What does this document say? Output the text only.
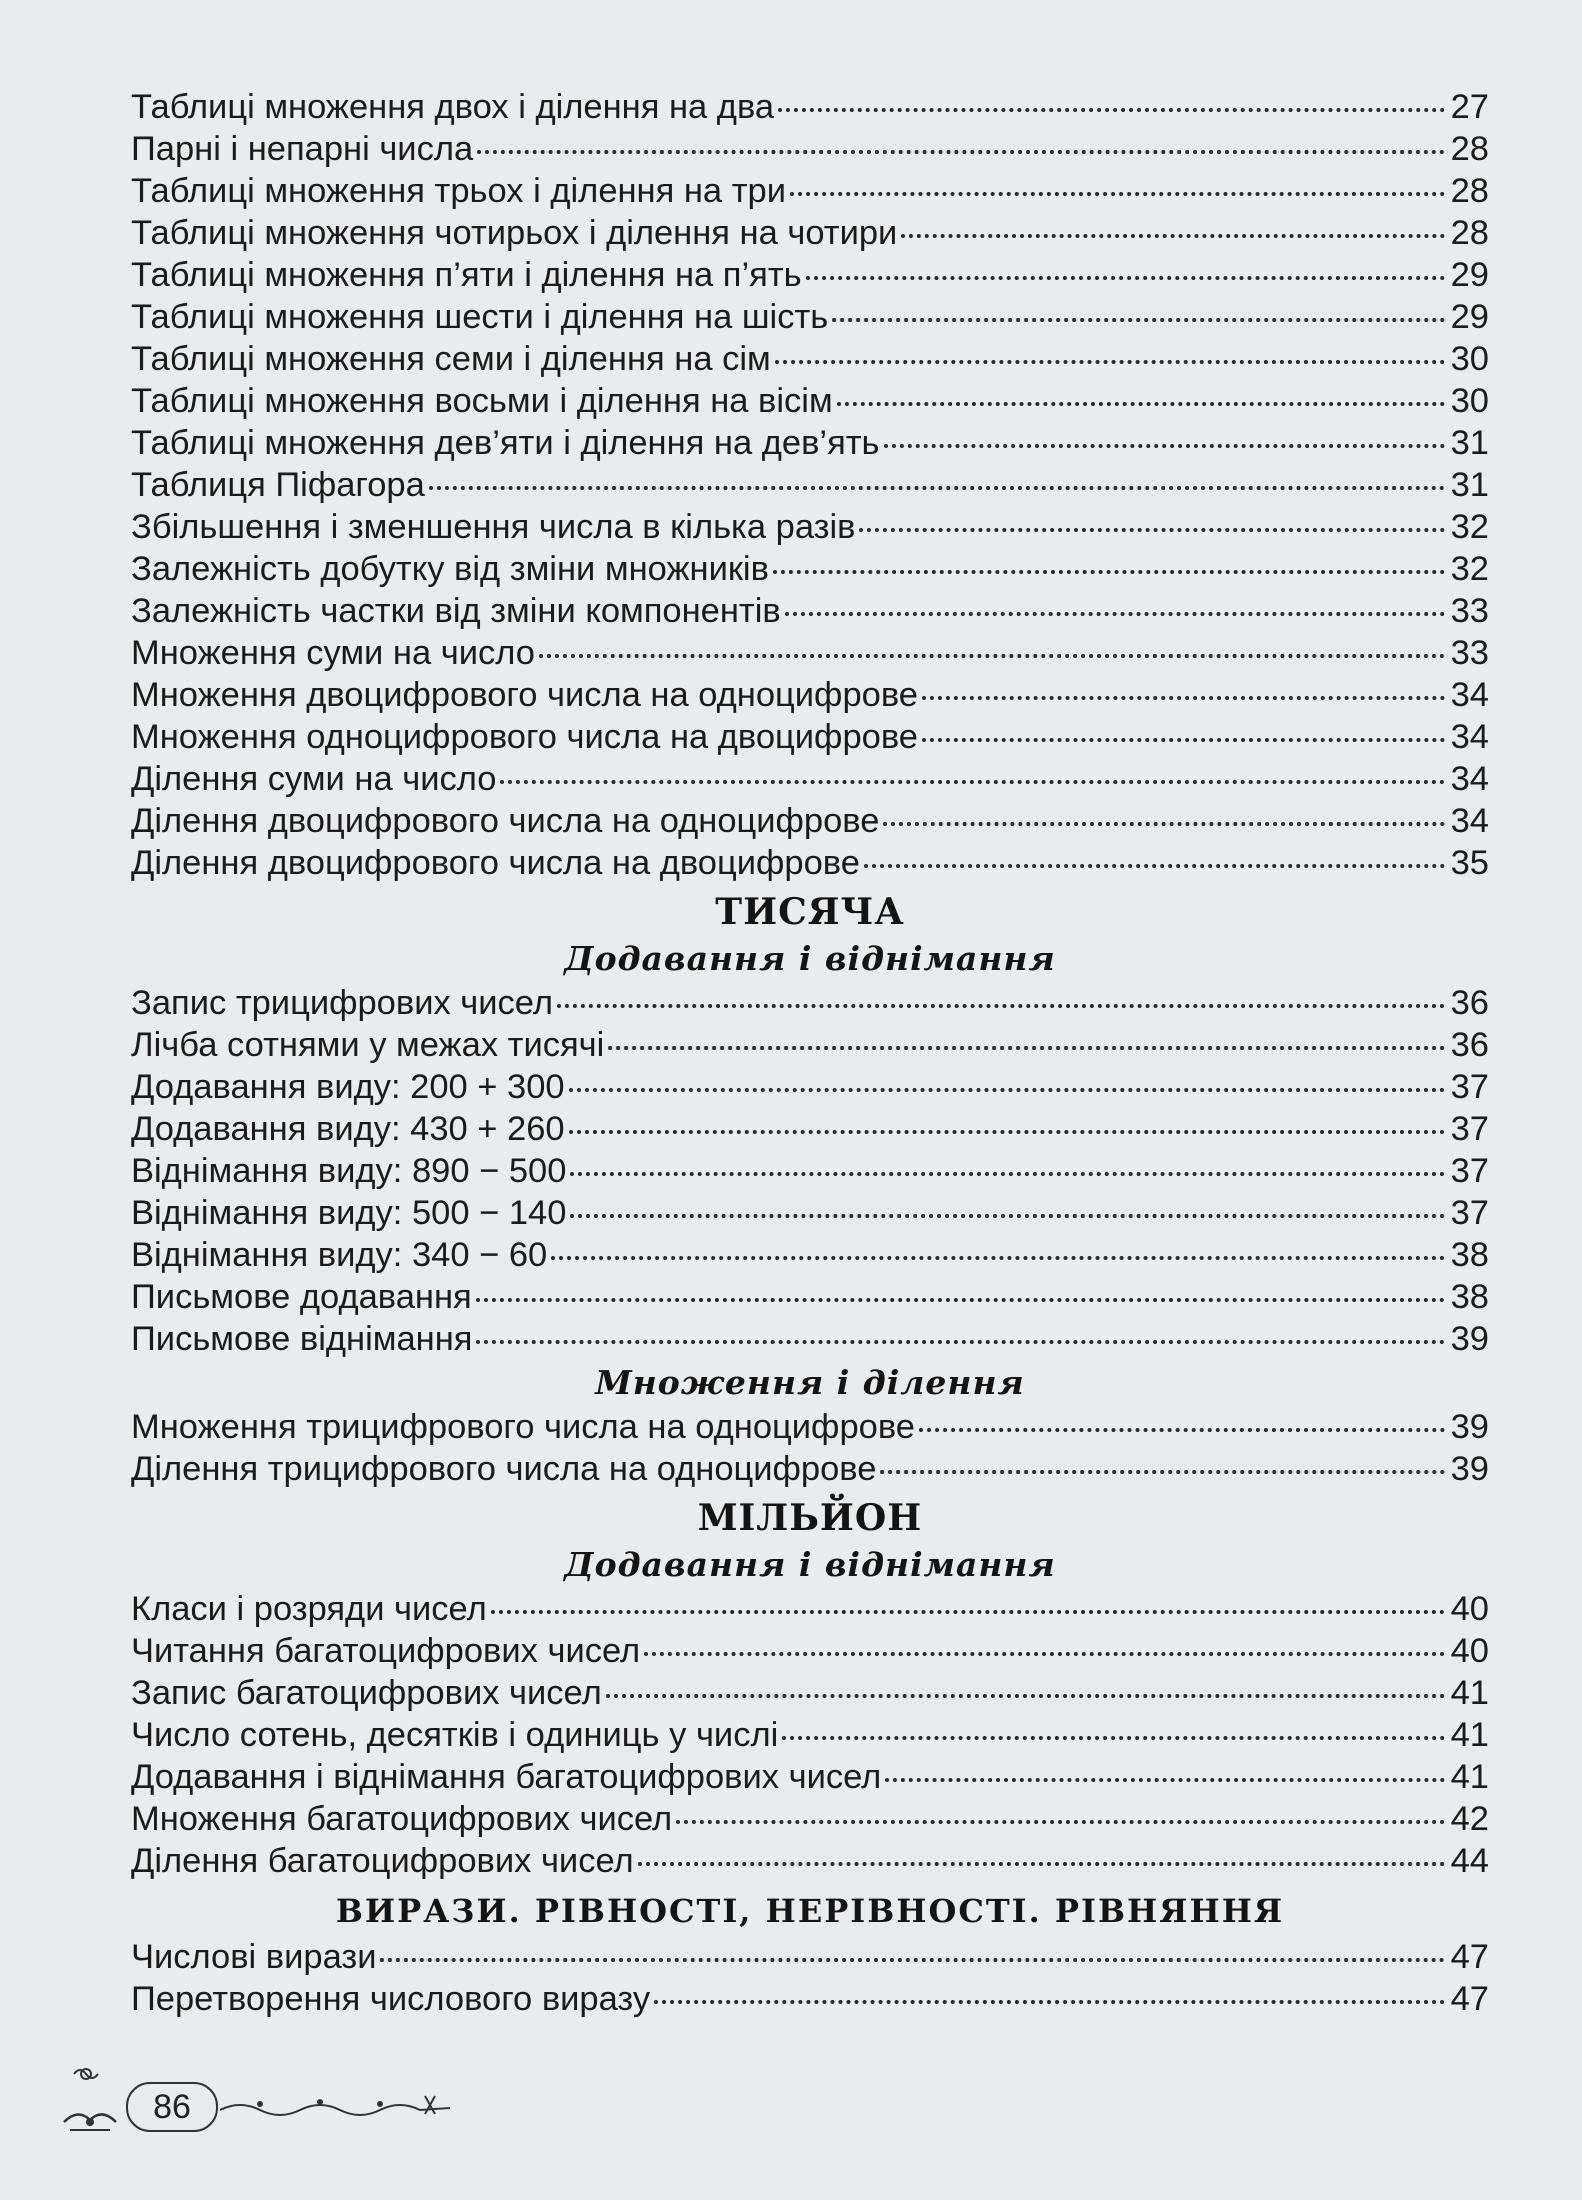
Таблиці множення двох і ділення на два	27
Парні і непарні числа	28
Таблиці множення трьох і ділення на три	28
Таблиці множення чотирьох і ділення на чотири	28
Таблиці множення п’яти і ділення на п’ять	29
Таблиці множення шести і ділення на шість	29
Таблиці множення семи і ділення на сім	30
Таблиці множення восьми і ділення на вісім	30
Таблиці множення дев’яти і ділення на дев’ять	31
Таблиця Піфагора	31
Збільшення і зменшення числа в кілька разів	32
Залежність добутку від зміни множників	32
Залежність частки від зміни компонентів	33
Множення суми на число	33
Множення двоцифрового числа на одноцифрове	34
Множення одноцифрового числа на двоцифрове	34
Ділення суми на число	34
Ділення двоцифрового числа на одноцифрове	34
Ділення двоцифрового числа на двоцифрове	35
ТИСЯЧА
Додавання і віднімання
Запис трицифрових чисел	36
Лічба сотнями у межах тисячі	36
Додавання виду: 200 + 300	37
Додавання виду: 430 + 260	37
Віднімання виду: 890 − 500	37
Віднімання виду: 500 − 140	37
Віднімання виду: 340 − 60	38
Письмове додавання	38
Письмове віднімання	39
Множення і ділення
Множення трицифрового числа на одноцифрове	39
Ділення трицифрового числа на одноцифрове	39
МІЛЬЙОН
Додавання і віднімання
Класи і розряди чисел	40
Читання багатоцифрових чисел	40
Запис багатоцифрових чисел	41
Число сотень, десятків і одиниць у числі	41
Додавання і віднімання багатоцифрових чисел	41
Множення багатоцифрових чисел	42
Ділення багатоцифрових чисел	44
ВИРАЗИ. РІВНОСТІ, НЕРІВНОСТІ. РІВНЯННЯ
Числові вирази	47
Перетворення числового виразу	47
86
